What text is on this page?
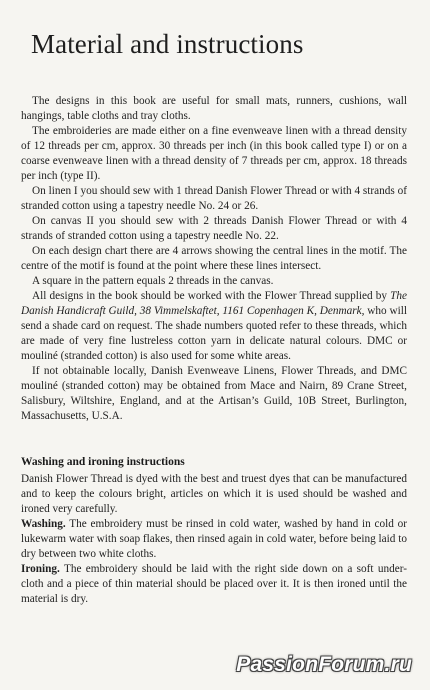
Material and instructions

The designs in this book are useful for small mats, runners, cushions, wall hangings, table cloths and tray cloths.

The embroideries are made either on a fine evenweave linen with a thread density of 12 threads per cm, approx. 30 threads per inch (in this book called type I) or on a coarse evenweave linen with a thread density of 7 threads per cm, approx. 18 threads per inch (type II).

On linen I you should sew with 1 thread Danish Flower Thread or with 4 strands of stranded cotton using a tapestry needle No. 24 or 26.

On canvas II you should sew with 2 threads Danish Flower Thread or with 4 strands of stranded cotton using a tapestry needle No. 22.

On each design chart there are 4 arrows showing the central lines in the motif. The centre of the motif is found at the point where these lines intersect.

A square in the pattern equals 2 threads in the canvas.

All designs in the book should be worked with the Flower Thread supplied by The Danish Handicraft Guild, 38 Vimmelskaftet, 1161 Copenhagen K, Denmark, who will send a shade card on request. The shade numbers quoted refer to these threads, which are made of very fine lustreless cotton yarn in delicate natural colours. DMC or mouliné (stranded cotton) is also used for some white areas.

If not obtainable locally, Danish Evenweave Linens, Flower Threads, and DMC mouliné (stranded cotton) may be obtained from Mace and Nairn, 89 Crane Street, Salisbury, Wiltshire, England, and at the Artisan’s Guild, 10B Street, Burlington, Massachusetts, U.S.A.

Washing and ironing instructions

Danish Flower Thread is dyed with the best and truest dyes that can be manufactured and to keep the colours bright, articles on which it is used should be washed and ironed very carefully.

Washing. The embroidery must be rinsed in cold water, washed by hand in cold or lukewarm water with soap flakes, then rinsed again in cold water, before being laid to dry between two white cloths.

Ironing. The embroidery should be laid with the right side down on a soft under-cloth and a piece of thin material should be placed over it. It is then ironed until the material is dry.

PassionForum.ru
